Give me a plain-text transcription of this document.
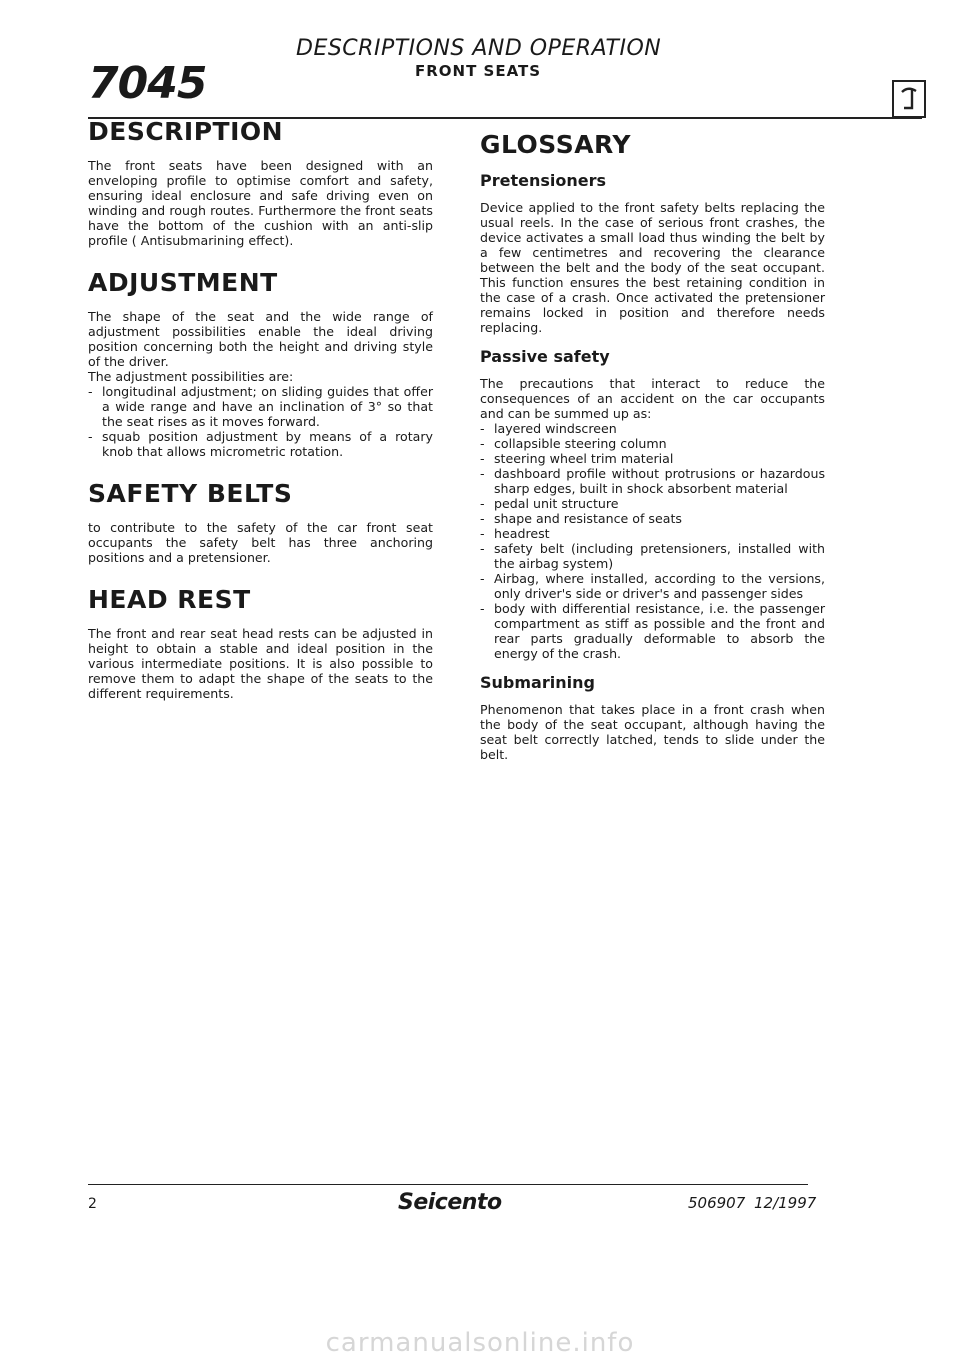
DESCRIPTIONS AND OPERATION
FRONT SEATS
7045
DESCRIPTION

The front seats have been designed with an enveloping profile to optimise comfort and safety, ensuring ideal enclosure and safe driving even on winding and rough routes. Furthermore the front seats have the bottom of the cushion with an anti-slip profile ( Antisubmarining effect).

ADJUSTMENT

The shape of the seat and the wide range of adjustment possibilities enable the ideal driving position concerning both the height and driving style of the driver.

The adjustment possibilities are:

- longitudinal adjustment; on sliding guides that offer a wide range and have an inclination of 3° so that the seat rises as it moves forward.
- squab position adjustment by means of a rotary knob that allows micrometric rotation.
SAFETY BELTS

to contribute to the safety of the car front seat occupants the safety belt has three anchoring positions and a pretensioner.

HEAD REST

The front and rear seat head rests can be adjusted in height to obtain a stable and ideal position in the various intermediate positions. It is also possible to remove them to adapt the shape of the seats to the different requirements.

GLOSSARY
Pretensioners

Device applied to the front safety belts replacing the usual reels. In the case of serious front crashes, the device activates a small load thus winding the belt by a few centimetres and recovering the clearance between the belt and the body of the seat occupant. This function ensures the best retaining condition in the case of a crash. Once activated the pretensioner remains locked in position and therefore needs replacing.

Passive safety

The precautions that interact to reduce the consequences of an accident on the car occupants and can be summed up as:

- layered windscreen
- collapsible steering column
- steering wheel trim material
- dashboard profile without protrusions or hazardous sharp edges, built in shock absorbent material
- pedal unit structure
- shape and resistance of seats
- headrest
- safety belt (including pretensioners, installed with the airbag system)
- Airbag, where installed, according to the versions, only driver's side or driver's and passenger sides
- body with differential resistance, i.e. the passenger compartment as stiff as possible and the front and rear parts gradually deformable to absorb the energy of the crash.
Submarining

Phenomenon that takes place in a front crash when the body of the seat occupant, although having the seat belt correctly latched, tends to slide under the belt.

2	Seicento	506907 12/1997
carmanualsonline.info
